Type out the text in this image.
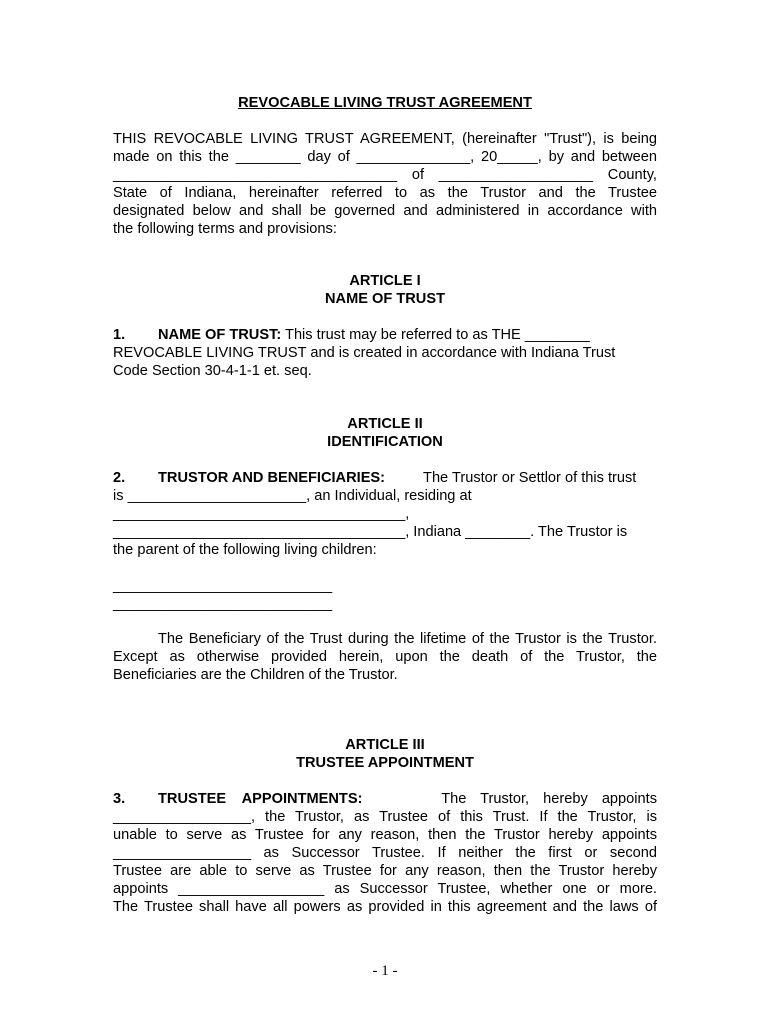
REVOCABLE LIVING TRUST AGREEMENT
THIS REVOCABLE LIVING TRUST AGREEMENT, (hereinafter "Trust"), is being
made on this the ________ day of ______________, 20_____, by and between
___________________________________ of ___________________ County,
State of Indiana, hereinafter referred to as the Trustor and the Trustee
designated below and shall be governed and administered in accordance with
the following terms and provisions:
ARTICLE I
NAME OF TRUST
1. NAME OF TRUST: This trust may be referred to as THE ________
REVOCABLE LIVING TRUST and is created in accordance with Indiana Trust
Code Section 30-4-1-1 et. seq.
ARTICLE II
IDENTIFICATION
2. TRUSTOR AND BENEFICIARIES:	The Trustor or Settlor of this trust
is ______________________, an Individual, residing at
____________________________________,
____________________________________, Indiana ________. The Trustor is
the parent of the following living children:
___________________________
___________________________
The Beneficiary of the Trust during the lifetime of the Trustor is the Trustor. Except as otherwise provided herein, upon the death of the Trustor, the Beneficiaries are the Children of the Trustor.
ARTICLE III
TRUSTEE APPOINTMENT
3. TRUSTEE APPOINTMENTS:	The Trustor, hereby appoints
_________________, the Trustor, as Trustee of this Trust. If the Trustor, is
unable to serve as Trustee for any reason, then the Trustor hereby appoints
_________________ as Successor Trustee. If neither the first or second
Trustee are able to serve as Trustee for any reason, then the Trustor hereby
appoints __________________ as Successor Trustee, whether one or more.
The Trustee shall have all powers as provided in this agreement and the laws of
- 1 -
